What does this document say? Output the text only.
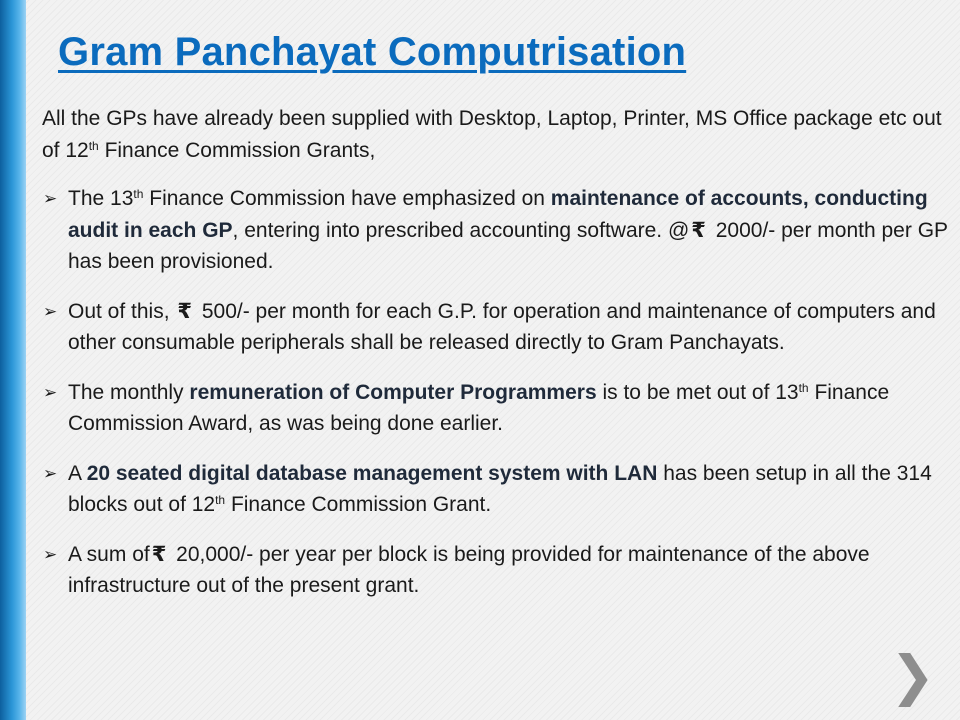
Gram Panchayat Computrisation

All the GPs have already been supplied with Desktop, Laptop, Printer, MS Office package etc out of 12th Finance Commission Grants,

➢ The 13th Finance Commission have emphasized on maintenance of accounts, conducting audit in each GP, entering into prescribed accounting software. @₹ 2000/- per month per GP has been provisioned.

➢ Out of this, ₹ 500/- per month for each G.P. for operation and maintenance of computers and other consumable peripherals shall be released directly to Gram Panchayats.

➢ The monthly remuneration of Computer Programmers is to be met out of 13th Finance Commission Award, as was being done earlier.

➢ A 20 seated digital database management system with LAN has been setup in all the 314 blocks out of 12th Finance Commission Grant.

➢ A sum of₹ 20,000/- per year per block is being provided for maintenance of the above infrastructure out of the present grant.

❯
